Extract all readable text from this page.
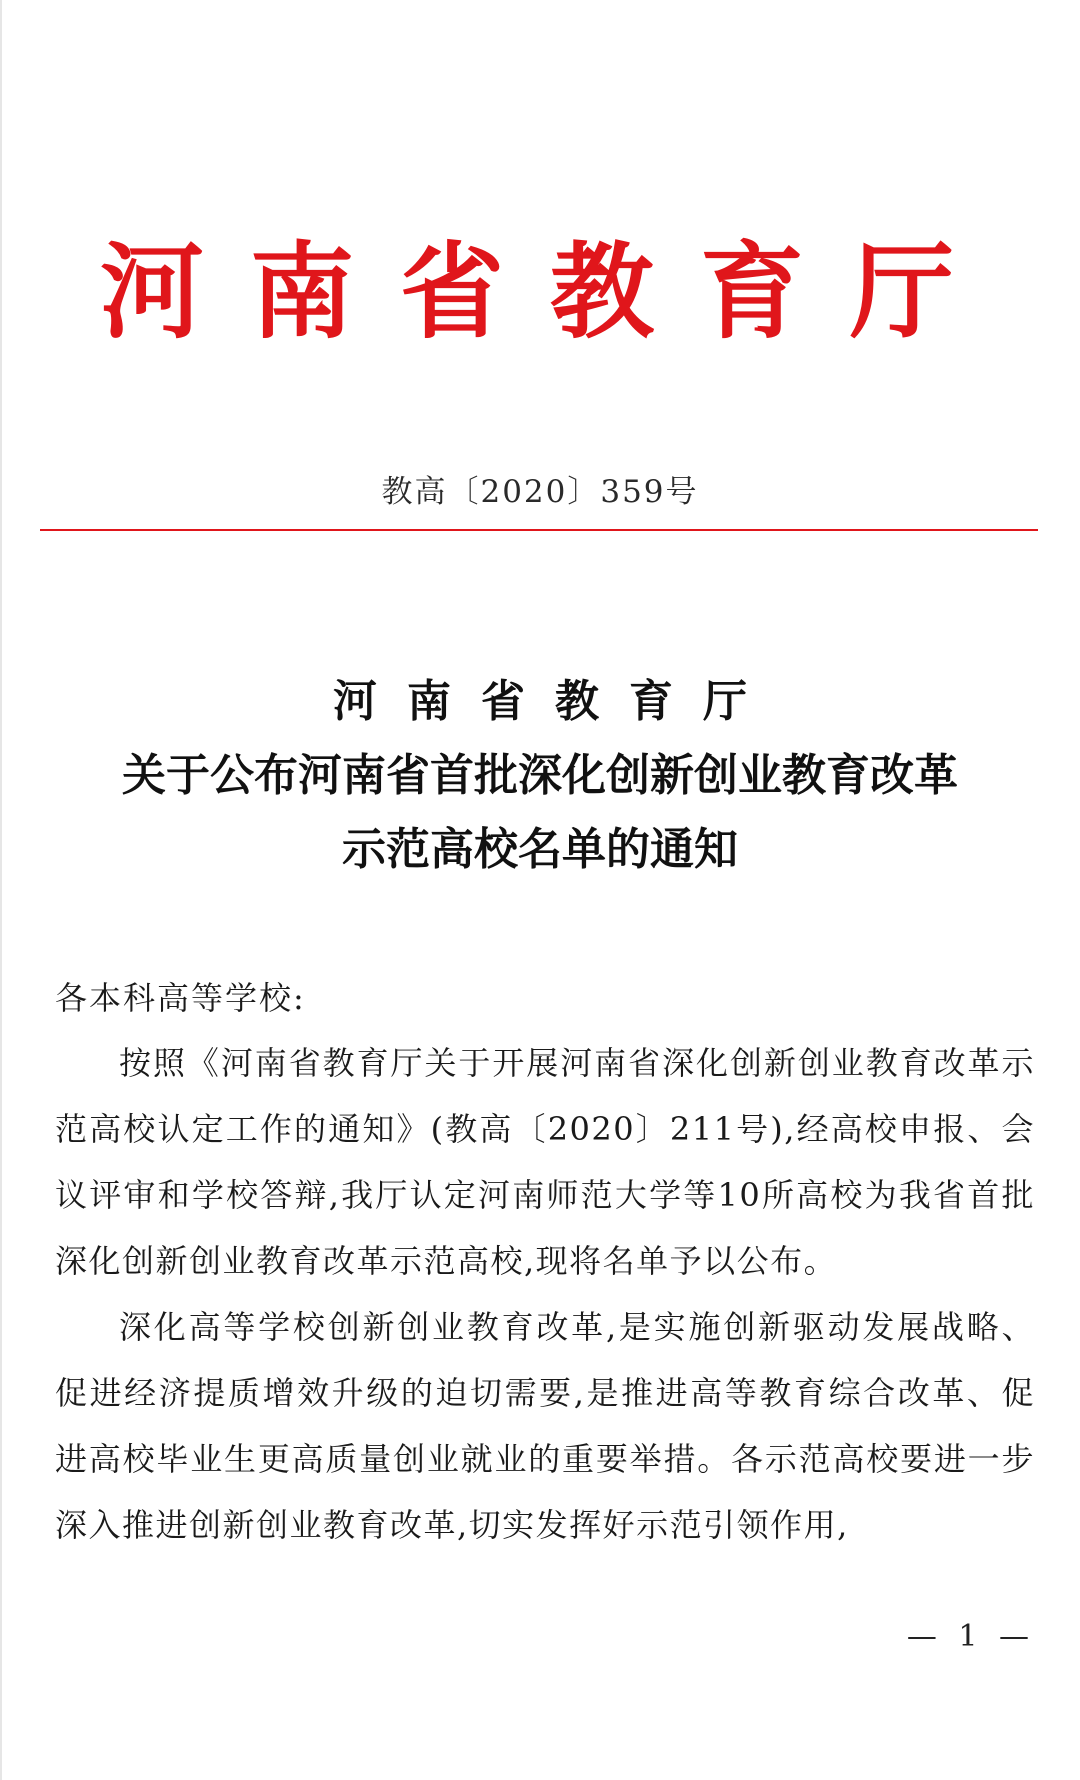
河南省教育厅
教高〔2020〕359号
河南省教育厅
关于公布河南省首批深化创新创业教育改革
示范高校名单的通知
各本科高等学校:

按照《河南省教育厅关于开展河南省深化创新创业教育改革示范高校认定工作的通知》(教高〔2020〕211号),经高校申报、会议评审和学校答辩,我厅认定河南师范大学等10所高校为我省首批深化创新创业教育改革示范高校,现将名单予以公布。

深化高等学校创新创业教育改革,是实施创新驱动发展战略、促进经济提质增效升级的迫切需要,是推进高等教育综合改革、促进高校毕业生更高质量创业就业的重要举措。各示范高校要进一步深入推进创新创业教育改革,切实发挥好示范引领作用,

— 1 —
